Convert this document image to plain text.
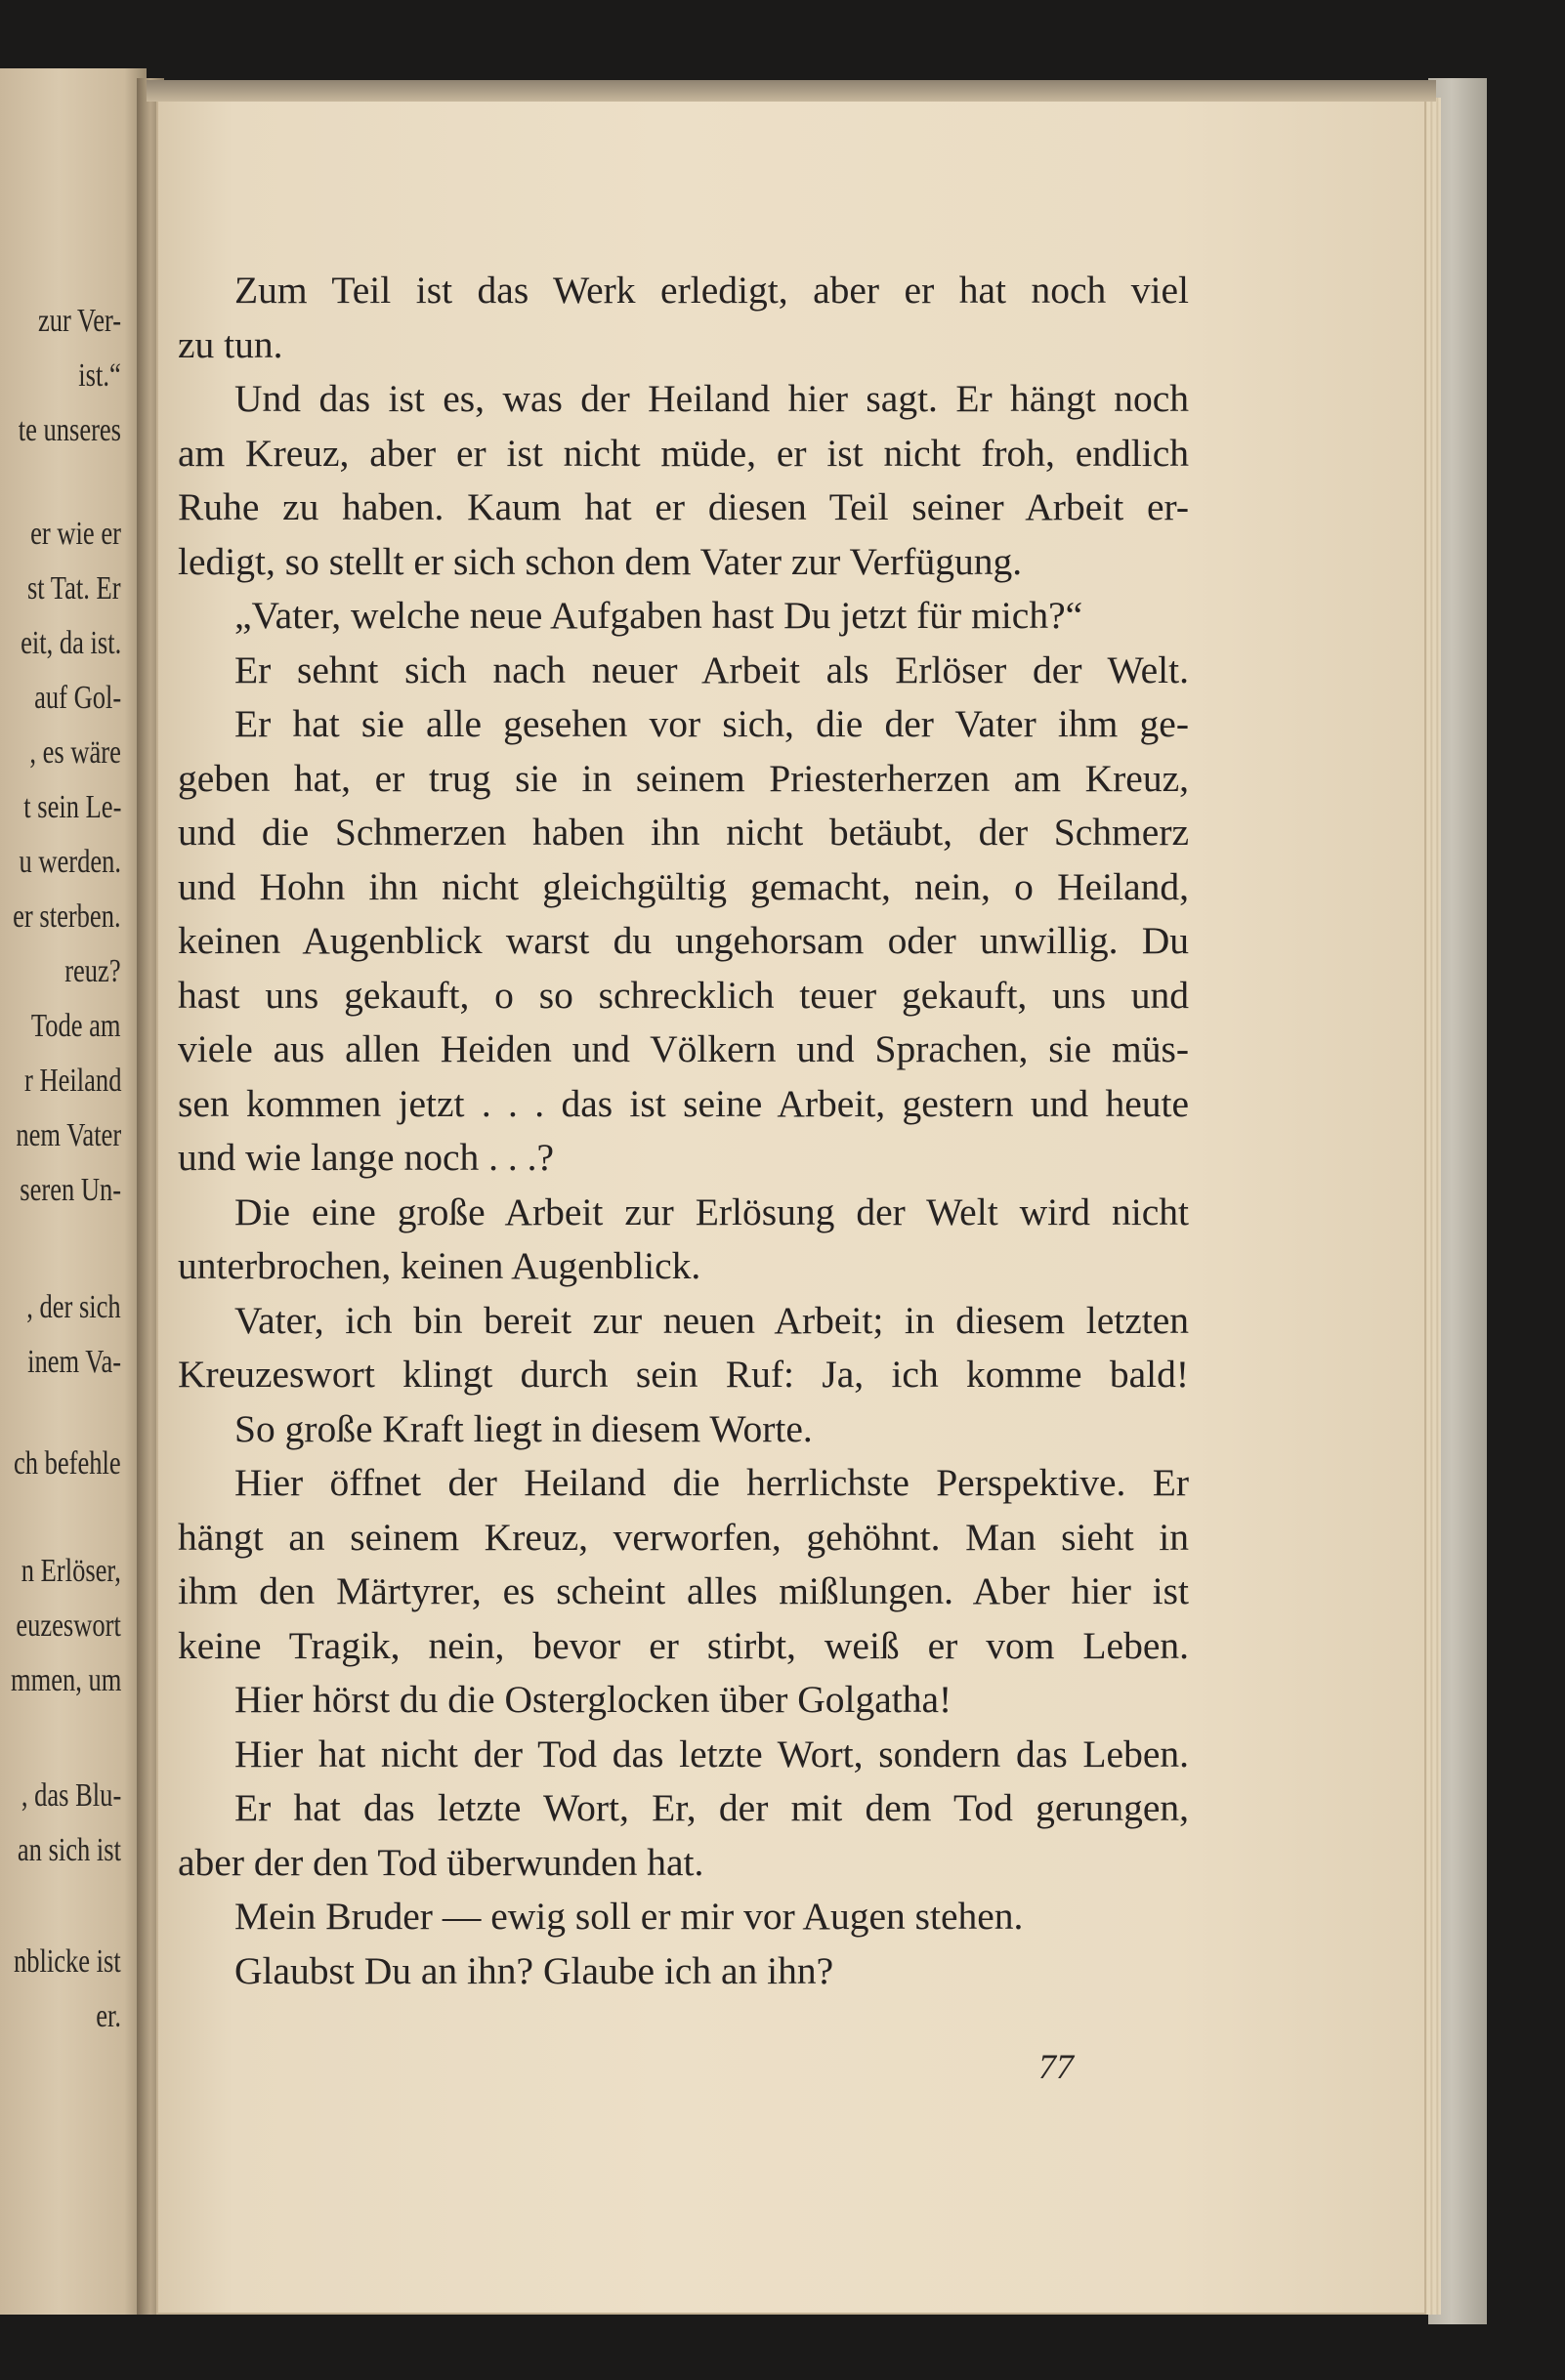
zur Ver-
ist.“
te unseres
er wie er
st Tat. Er
eit, da ist.
auf Gol-
, es wäre
t sein Le-
u werden.
er sterben.
reuz?
Tode am
r Heiland
nem Vater
seren Un-
, der sich
inem Va-
ch befehle
n Erlöser,
euzeswort
mmen, um
, das Blu-
an sich ist
nblicke ist
er.
Zum Teil ist das Werk erledigt, aber er hat noch viel
zu tun.
Und das ist es, was der Heiland hier sagt. Er hängt noch
am Kreuz, aber er ist nicht müde, er ist nicht froh, endlich
Ruhe zu haben. Kaum hat er diesen Teil seiner Arbeit er-
ledigt, so stellt er sich schon dem Vater zur Verfügung.
„Vater, welche neue Aufgaben hast Du jetzt für mich?“
Er sehnt sich nach neuer Arbeit als Erlöser der Welt.
Er hat sie alle gesehen vor sich, die der Vater ihm ge-
geben hat, er trug sie in seinem Priesterherzen am Kreuz,
und die Schmerzen haben ihn nicht betäubt, der Schmerz
und Hohn ihn nicht gleichgültig gemacht, nein, o Heiland,
keinen Augenblick warst du ungehorsam oder unwillig. Du
hast uns gekauft, o so schrecklich teuer gekauft, uns und
viele aus allen Heiden und Völkern und Sprachen, sie müs-
sen kommen jetzt . . . das ist seine Arbeit, gestern und heute
und wie lange noch . . .?
Die eine große Arbeit zur Erlösung der Welt wird nicht
unterbrochen, keinen Augenblick.
Vater, ich bin bereit zur neuen Arbeit; in diesem letzten
Kreuzeswort klingt durch sein Ruf: Ja, ich komme bald!
So große Kraft liegt in diesem Worte.
Hier öffnet der Heiland die herrlichste Perspektive. Er
hängt an seinem Kreuz, verworfen, gehöhnt. Man sieht in
ihm den Märtyrer, es scheint alles mißlungen. Aber hier ist
keine Tragik, nein, bevor er stirbt, weiß er vom Leben.
Hier hörst du die Osterglocken über Golgatha!
Hier hat nicht der Tod das letzte Wort, sondern das Leben.
Er hat das letzte Wort, Er, der mit dem Tod gerungen,
aber der den Tod überwunden hat.
Mein Bruder — ewig soll er mir vor Augen stehen.
Glaubst Du an ihn? Glaube ich an ihn?
77
